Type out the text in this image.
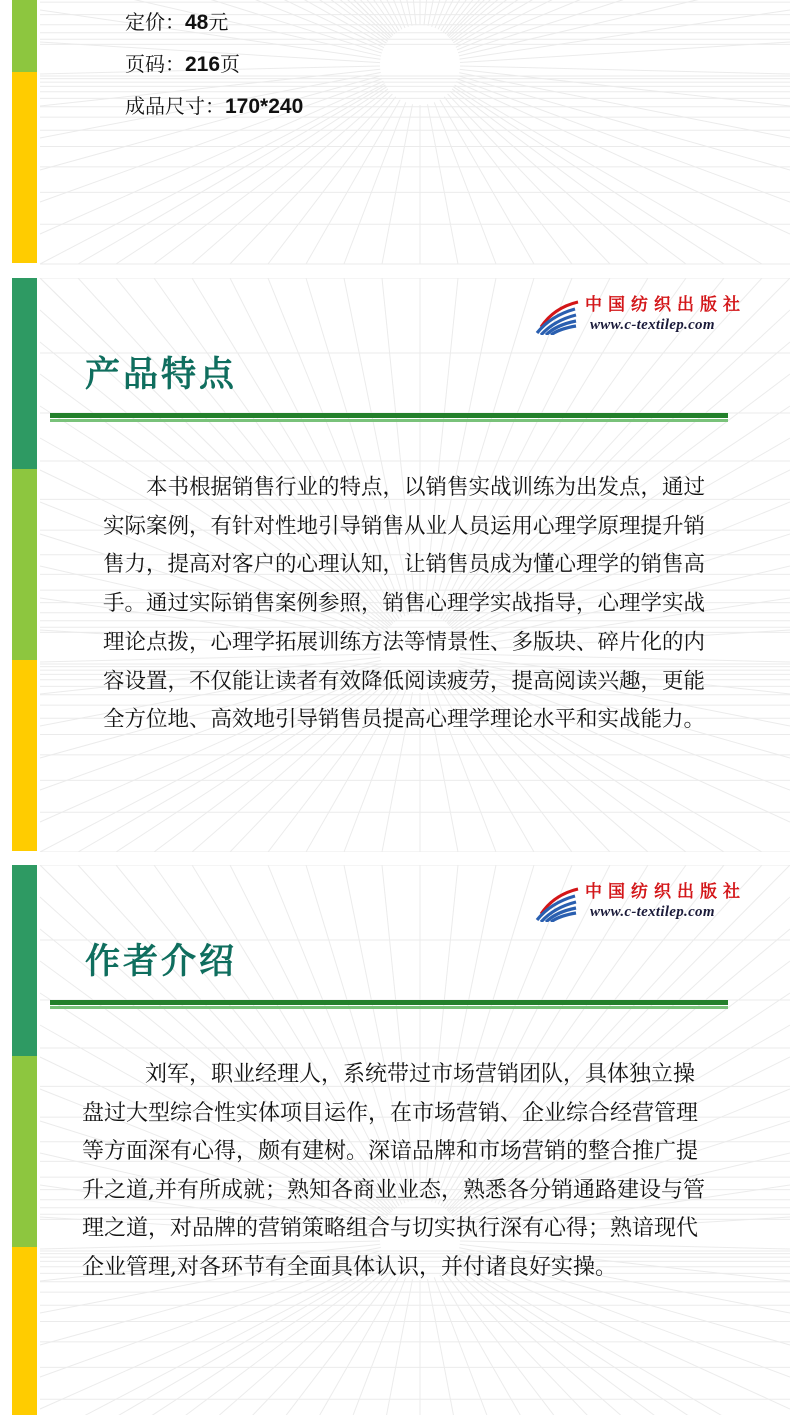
定价：48元
页码：216页
成品尺寸：170*240
中国纺织出版社
www.c-textilep.com
产品特点
本书根据销售行业的特点，以销售实战训练为出发点，通过
实际案例，有针对性地引导销售从业人员运用心理学原理提升销
售力，提高对客户的心理认知，让销售员成为懂心理学的销售高
手。通过实际销售案例参照，销售心理学实战指导，心理学实战
理论点拨，心理学拓展训练方法等情景性、多版块、碎片化的内
容设置，不仅能让读者有效降低阅读疲劳，提高阅读兴趣，更能
全方位地、高效地引导销售员提高心理学理论水平和实战能力。
中国纺织出版社
www.c-textilep.com
作者介绍
刘军，职业经理人，系统带过市场营销团队，具体独立操
盘过大型综合性实体项目运作，在市场营销、企业综合经营管理
等方面深有心得，颇有建树。深谙品牌和市场营销的整合推广提
升之道,并有所成就；熟知各商业业态，熟悉各分销通路建设与管
理之道，对品牌的营销策略组合与切实执行深有心得；熟谙现代
企业管理,对各环节有全面具体认识，并付诸良好实操。
